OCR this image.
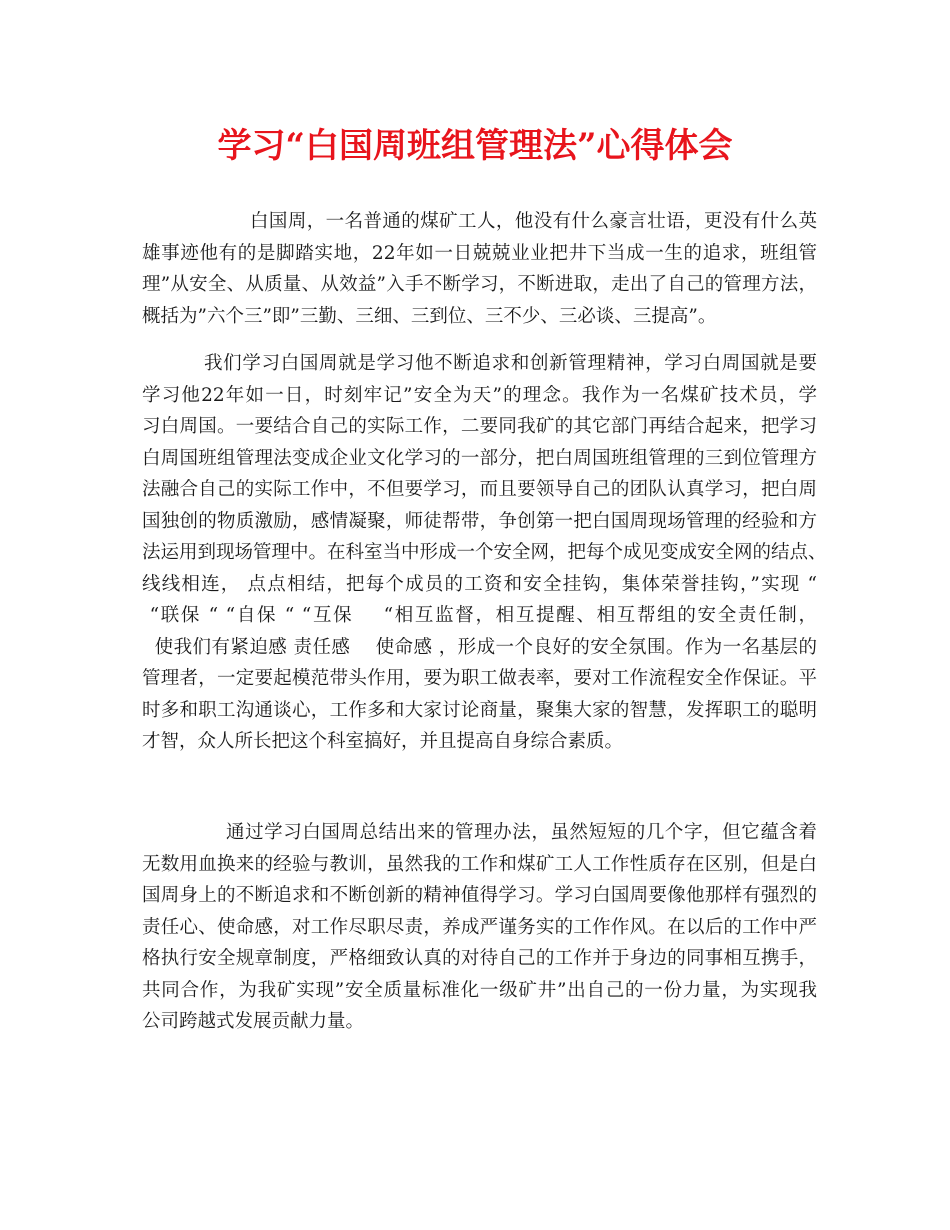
学习“白国周班组管理法”心得体会
白国周，一名普通的煤矿工人，他没有什么豪言壮语，更没有什么英
雄事迹他有的是脚踏实地，22年如一日兢兢业业把井下当成一生的追求，班组管
理”从安全、从质量、从效益”入手不断学习，不断进取，走出了自己的管理方法，
概括为”六个三”即”三勤、三细、三到位、三不少、三必谈、三提高”。
我们学习白国周就是学习他不断追求和创新管理精神，学习白周国就是要
学习他22年如一日，时刻牢记”安全为天”的理念。我作为一名煤矿技术员，学
习白周国。一要结合自己的实际工作，二要同我矿的其它部门再结合起来，把学习
白周国班组管理法变成企业文化学习的一部分，把白周国班组管理的三到位管理方
法融合自己的实际工作中，不但要学习，而且要领导自己的团队认真学习，把白周
国独创的物质激励，感情凝聚，师徒帮带，争创第一把白国周现场管理的经验和方
法运用到现场管理中。在科室当中形成一个安全网，把每个成见变成安全网的结点、
线线相连， 点点相结，把每个成员的工资和安全挂钩，集体荣誉挂钩，”实现 “
“联保 “ “自保 “ “互保    “相互监督，相互提醒、相互帮组的安全责任制，
使我们有紧迫感 责任感    使命感 ，形成一个良好的安全氛围。作为一名基层的
管理者，一定要起模范带头作用，要为职工做表率，要对工作流程安全作保证。平
时多和职工沟通谈心，工作多和大家讨论商量，聚集大家的智慧，发挥职工的聪明
才智，众人所长把这个科室搞好，并且提高自身综合素质。
通过学习白国周总结出来的管理办法，虽然短短的几个字，但它蕴含着
无数用血换来的经验与教训，虽然我的工作和煤矿工人工作性质存在区别，但是白
国周身上的不断追求和不断创新的精神值得学习。学习白国周要像他那样有强烈的
责任心、使命感，对工作尽职尽责，养成严谨务实的工作作风。在以后的工作中严
格执行安全规章制度，严格细致认真的对待自己的工作并于身边的同事相互携手，
共同合作，为我矿实现”安全质量标准化一级矿井”出自己的一份力量，为实现我
公司跨越式发展贡献力量。
